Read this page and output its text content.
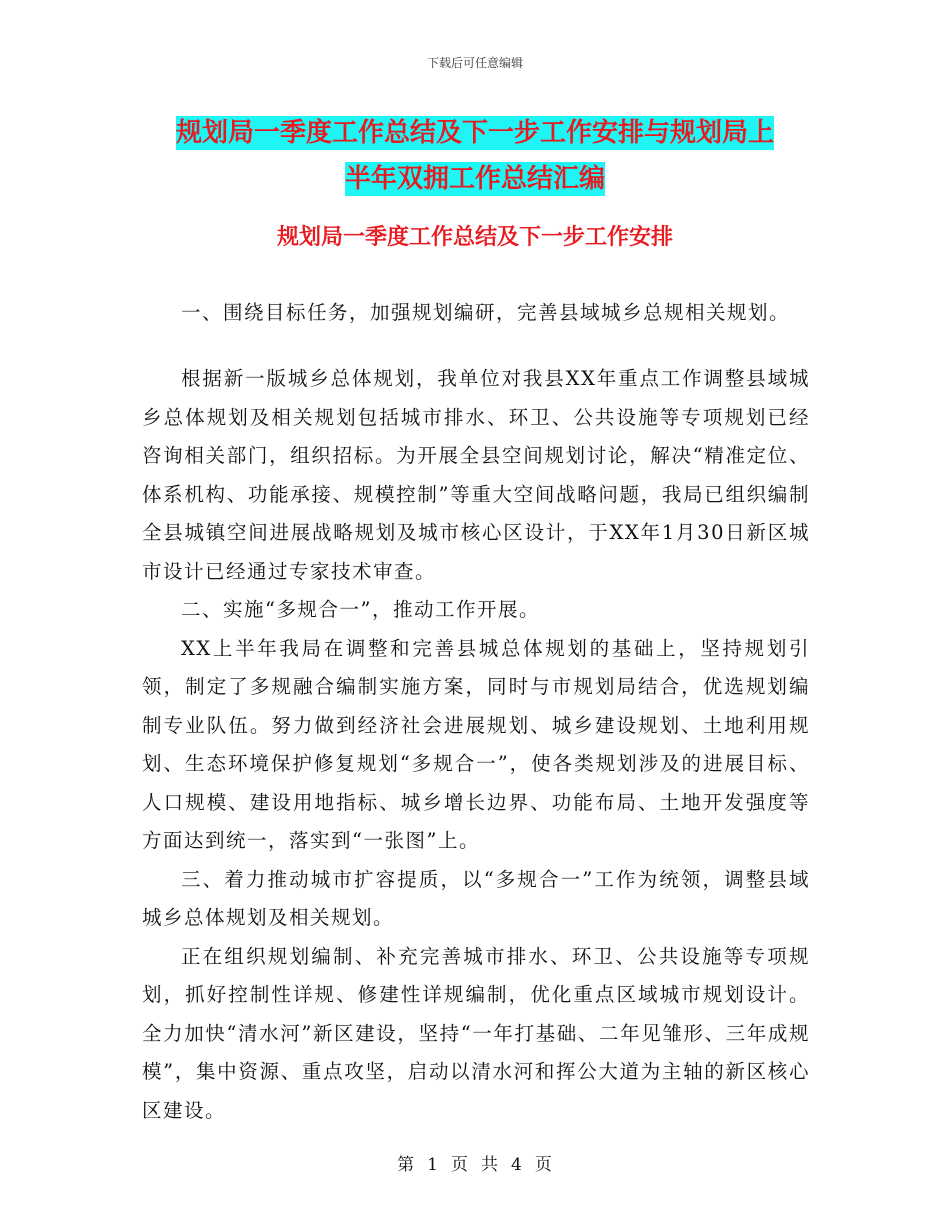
下载后可任意编辑
规划局一季度工作总结及下一步工作安排与规划局上
半年双拥工作总结汇编
规划局一季度工作总结及下一步工作安排

一、围绕目标任务，加强规划编研，完善县域城乡总规相关规划。

根据新一版城乡总体规划，我单位对我县XX年重点工作调整县域城乡总体规划及相关规划包括城市排水、环卫、公共设施等专项规划已经咨询相关部门，组织招标。为开展全县空间规划讨论，解决“精准定位、体系机构、功能承接、规模控制”等重大空间战略问题，我局已组织编制全县城镇空间进展战略规划及城市核心区设计，于XX年1月30日新区城市设计已经通过专家技术审查。

二、实施“多规合一”，推动工作开展。

XX上半年我局在调整和完善县城总体规划的基础上，坚持规划引领，制定了多规融合编制实施方案，同时与市规划局结合，优选规划编制专业队伍。努力做到经济社会进展规划、城乡建设规划、土地利用规划、生态环境保护修复规划“多规合一”，使各类规划涉及的进展目标、人口规模、建设用地指标、城乡增长边界、功能布局、土地开发强度等方面达到统一，落实到“一张图”上。

三、着力推动城市扩容提质，以“多规合一”工作为统领，调整县域城乡总体规划及相关规划。

正在组织规划编制、补充完善城市排水、环卫、公共设施等专项规划，抓好控制性详规、修建性详规编制，优化重点区域城市规划设计。全力加快“清水河”新区建设，坚持“一年打基础、二年见雏形、三年成规模”，集中资源、重点攻坚，启动以清水河和挥公大道为主轴的新区核心区建设。

第 1 页 共 4 页
